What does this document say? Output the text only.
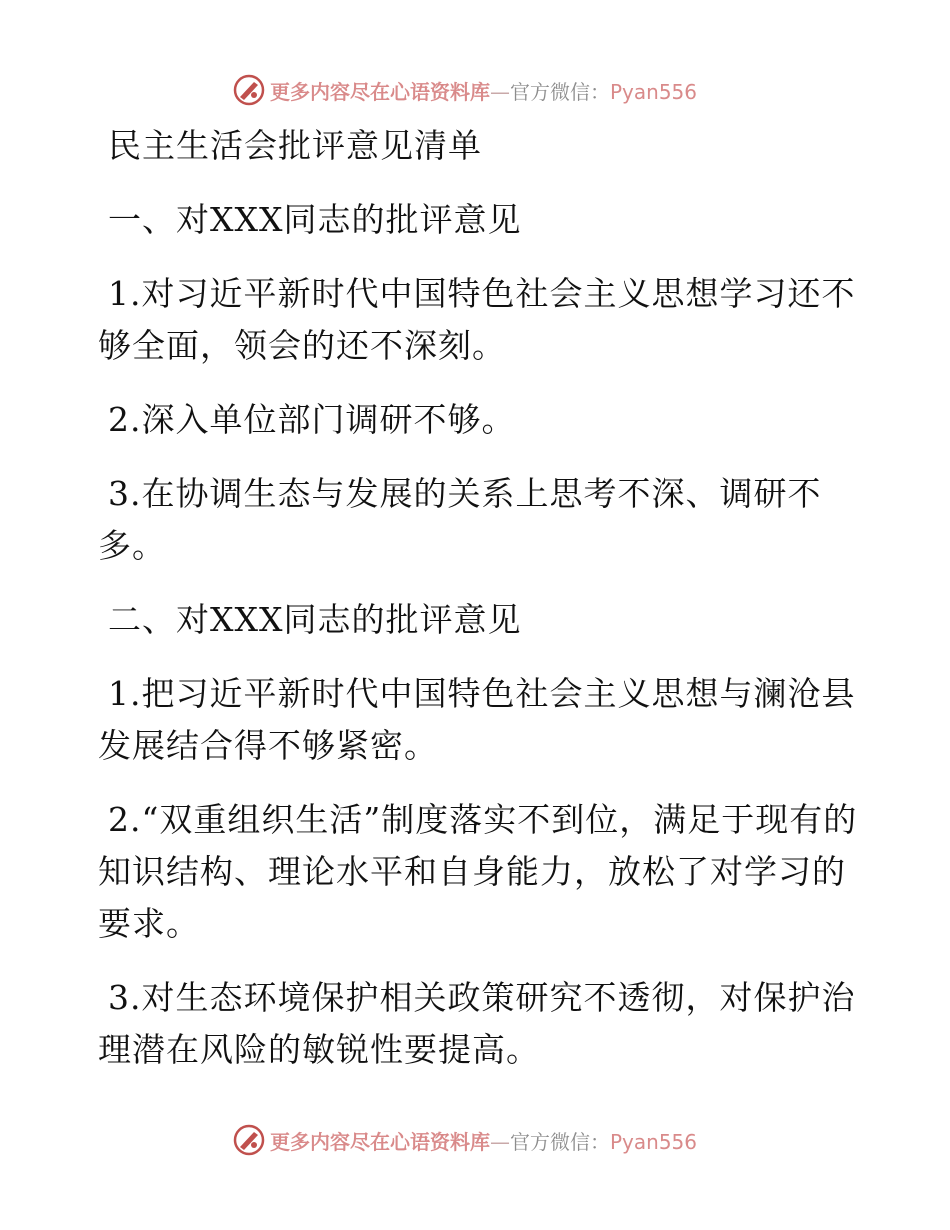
更多内容尽在心语资料库—官方微信：Pyan556

民主生活会批评意见清单

一、对XXX同志的批评意见

1.对习近平新时代中国特色社会主义思想学习还不够全面，领会的还不深刻。

2.深入单位部门调研不够。

3.在协调生态与发展的关系上思考不深、调研不多。

二、对XXX同志的批评意见

1.把习近平新时代中国特色社会主义思想与澜沧县发展结合得不够紧密。

2.“双重组织生活”制度落实不到位，满足于现有的知识结构、理论水平和自身能力，放松了对学习的要求。

3.对生态环境保护相关政策研究不透彻，对保护治理潜在风险的敏锐性要提高。

更多内容尽在心语资料库—官方微信：Pyan556
